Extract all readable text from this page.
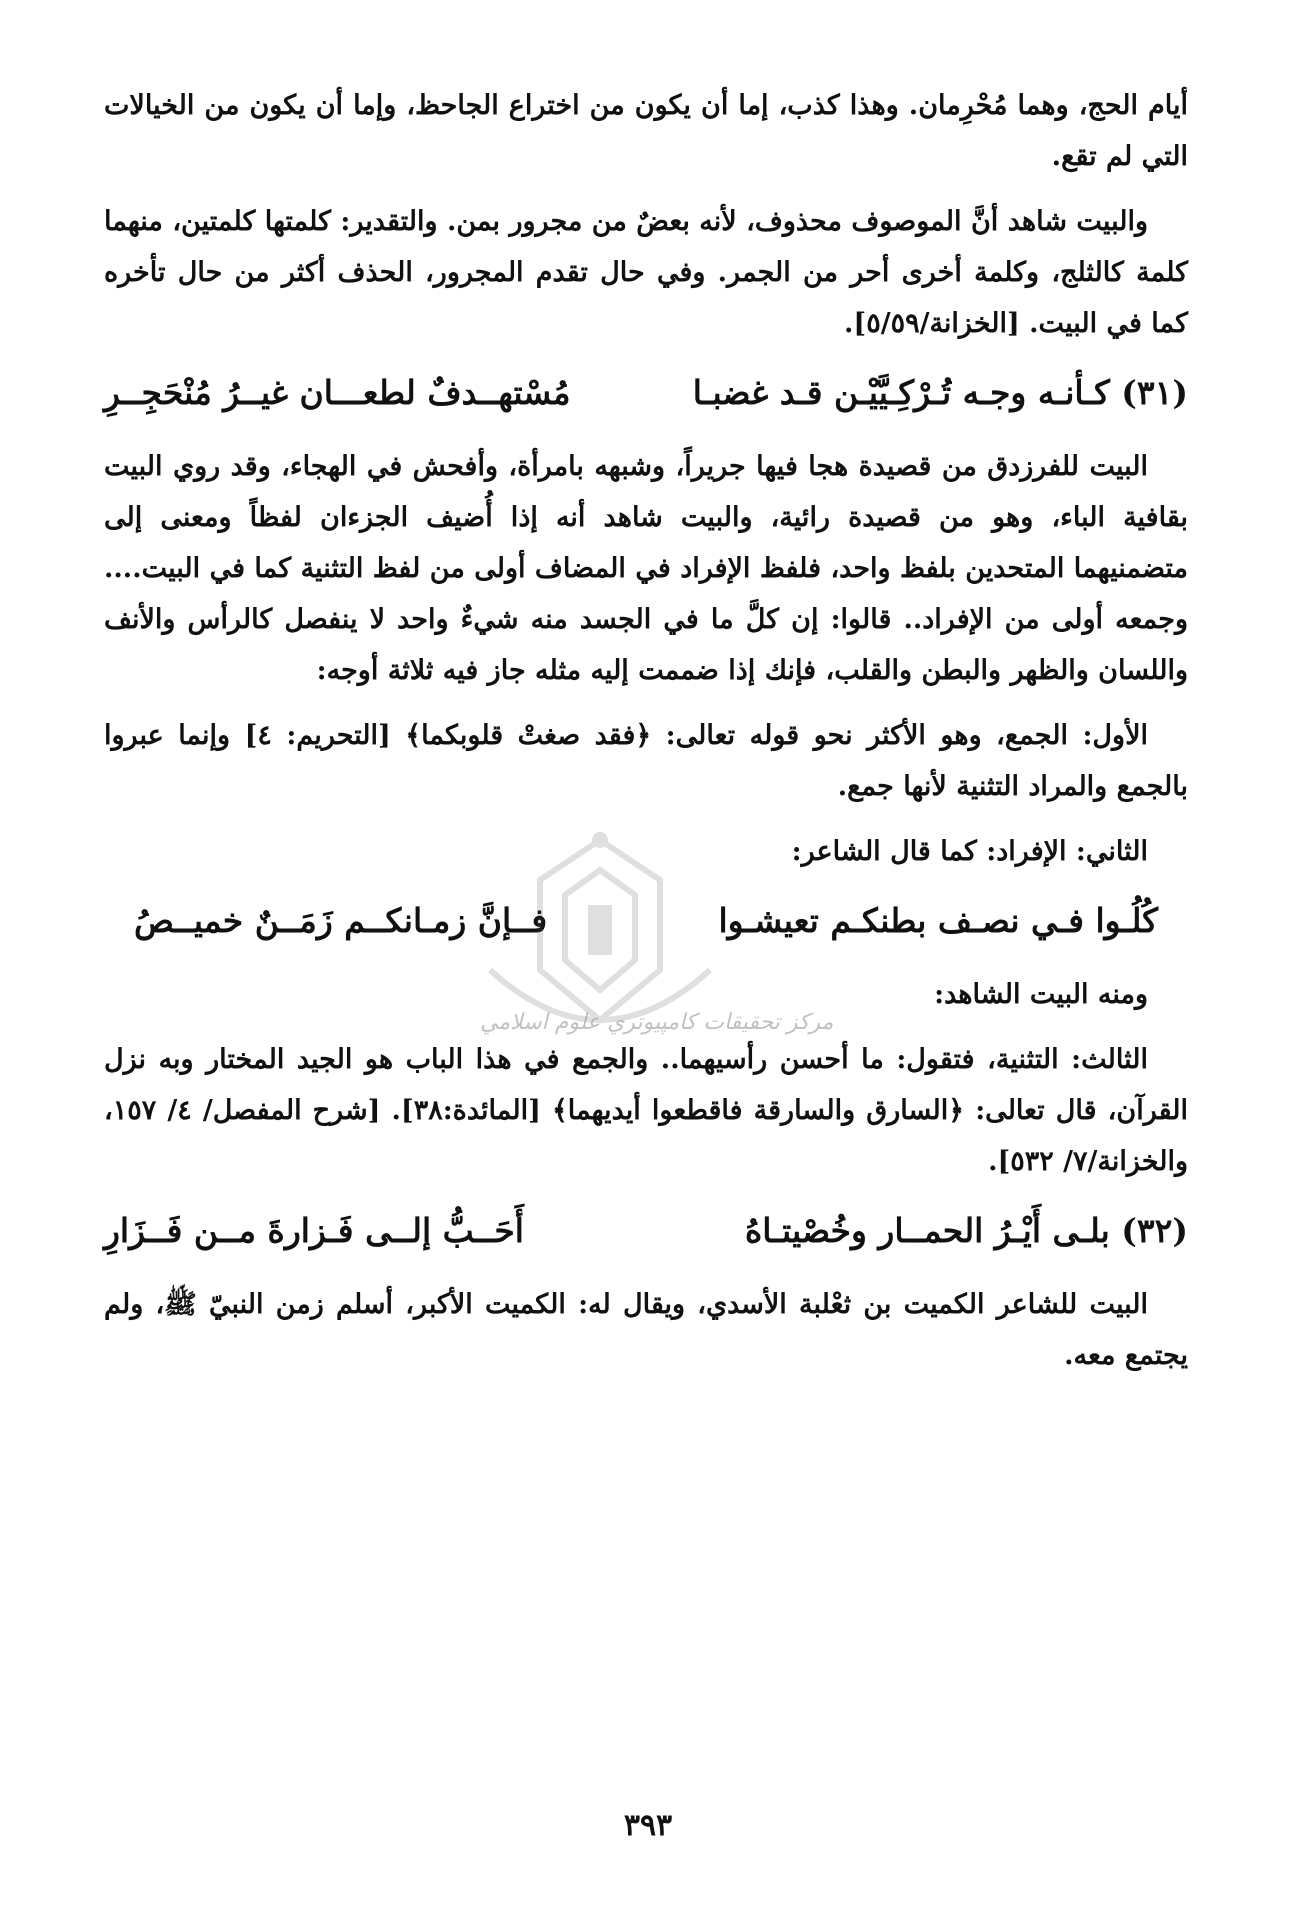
أيام الحج، وهما مُحْرِمان. وهذا كذب، إما أن يكون من اختراع الجاحظ، وإما أن يكون من الخيالات التي لم تقع.

والبيت شاهد أنَّ الموصوف محذوف، لأنه بعضٌ من مجرور بمن. والتقدير: كلمتها كلمتين، منهما كلمة كالثلج، وكلمة أخرى أحر من الجمر. وفي حال تقدم المجرور، الحذف أكثر من حال تأخره كما في البيت. [الخزانة/٥/٥٩].

(٣١) كـأنـه وجـه تُـرْكِـيَّيْـن قـد غضبـا
مُسْتهــدفٌ لطعـــان غيــرُ مُنْحَجِــرِ

البيت للفرزدق من قصيدة هجا فيها جريراً، وشبهه بامرأة، وأفحش في الهجاء، وقد روي البيت بقافية الباء، وهو من قصيدة رائية، والبيت شاهد أنه إذا أُضيف الجزءان لفظاً ومعنى إلى متضمنيهما المتحدين بلفظ واحد، فلفظ الإفراد في المضاف أولى من لفظ التثنية كما في البيت.... وجمعه أولى من الإفراد.. قالوا: إن كلَّ ما في الجسد منه شيءٌ واحد لا ينفصل كالرأس والأنف واللسان والظهر والبطن والقلب، فإنك إذا ضممت إليه مثله جاز فيه ثلاثة أوجه:

الأول: الجمع، وهو الأكثر نحو قوله تعالى: ﴿فقد صغتْ قلوبكما﴾ [التحريم: ٤] وإنما عبروا بالجمع والمراد التثنية لأنها جمع.

الثاني: الإفراد: كما قال الشاعر:

كُلُـوا فـي نصـف بطنكـم تعيشـوا
فــإنَّ زمـانكــم زَمَــنٌ خميــصُ

ومنه البيت الشاهد:

الثالث: التثنية، فتقول: ما أحسن رأسيهما.. والجمع في هذا الباب هو الجيد المختار وبه نزل القرآن، قال تعالى: ﴿السارق والسارقة فاقطعوا أيديهما﴾ [المائدة:٣٨]. [شرح المفصل/ ٤/ ١٥٧، والخزانة/٧/ ٥٣٢].

(٣٢) بلـى أَيْـرُ الحمــار وخُصْيتـاهُ
أَحَــبُّ إلــى فَـزارةَ مــن فَــزَارِ

البيت للشاعر الكميت بن ثعْلبة الأسدي، ويقال له: الكميت الأكبر، أسلم زمن النبيّ ﷺ، ولم يجتمع معه.

مركز تحقيقات كامپيوتري علوم اسلامي
٣٩٣
